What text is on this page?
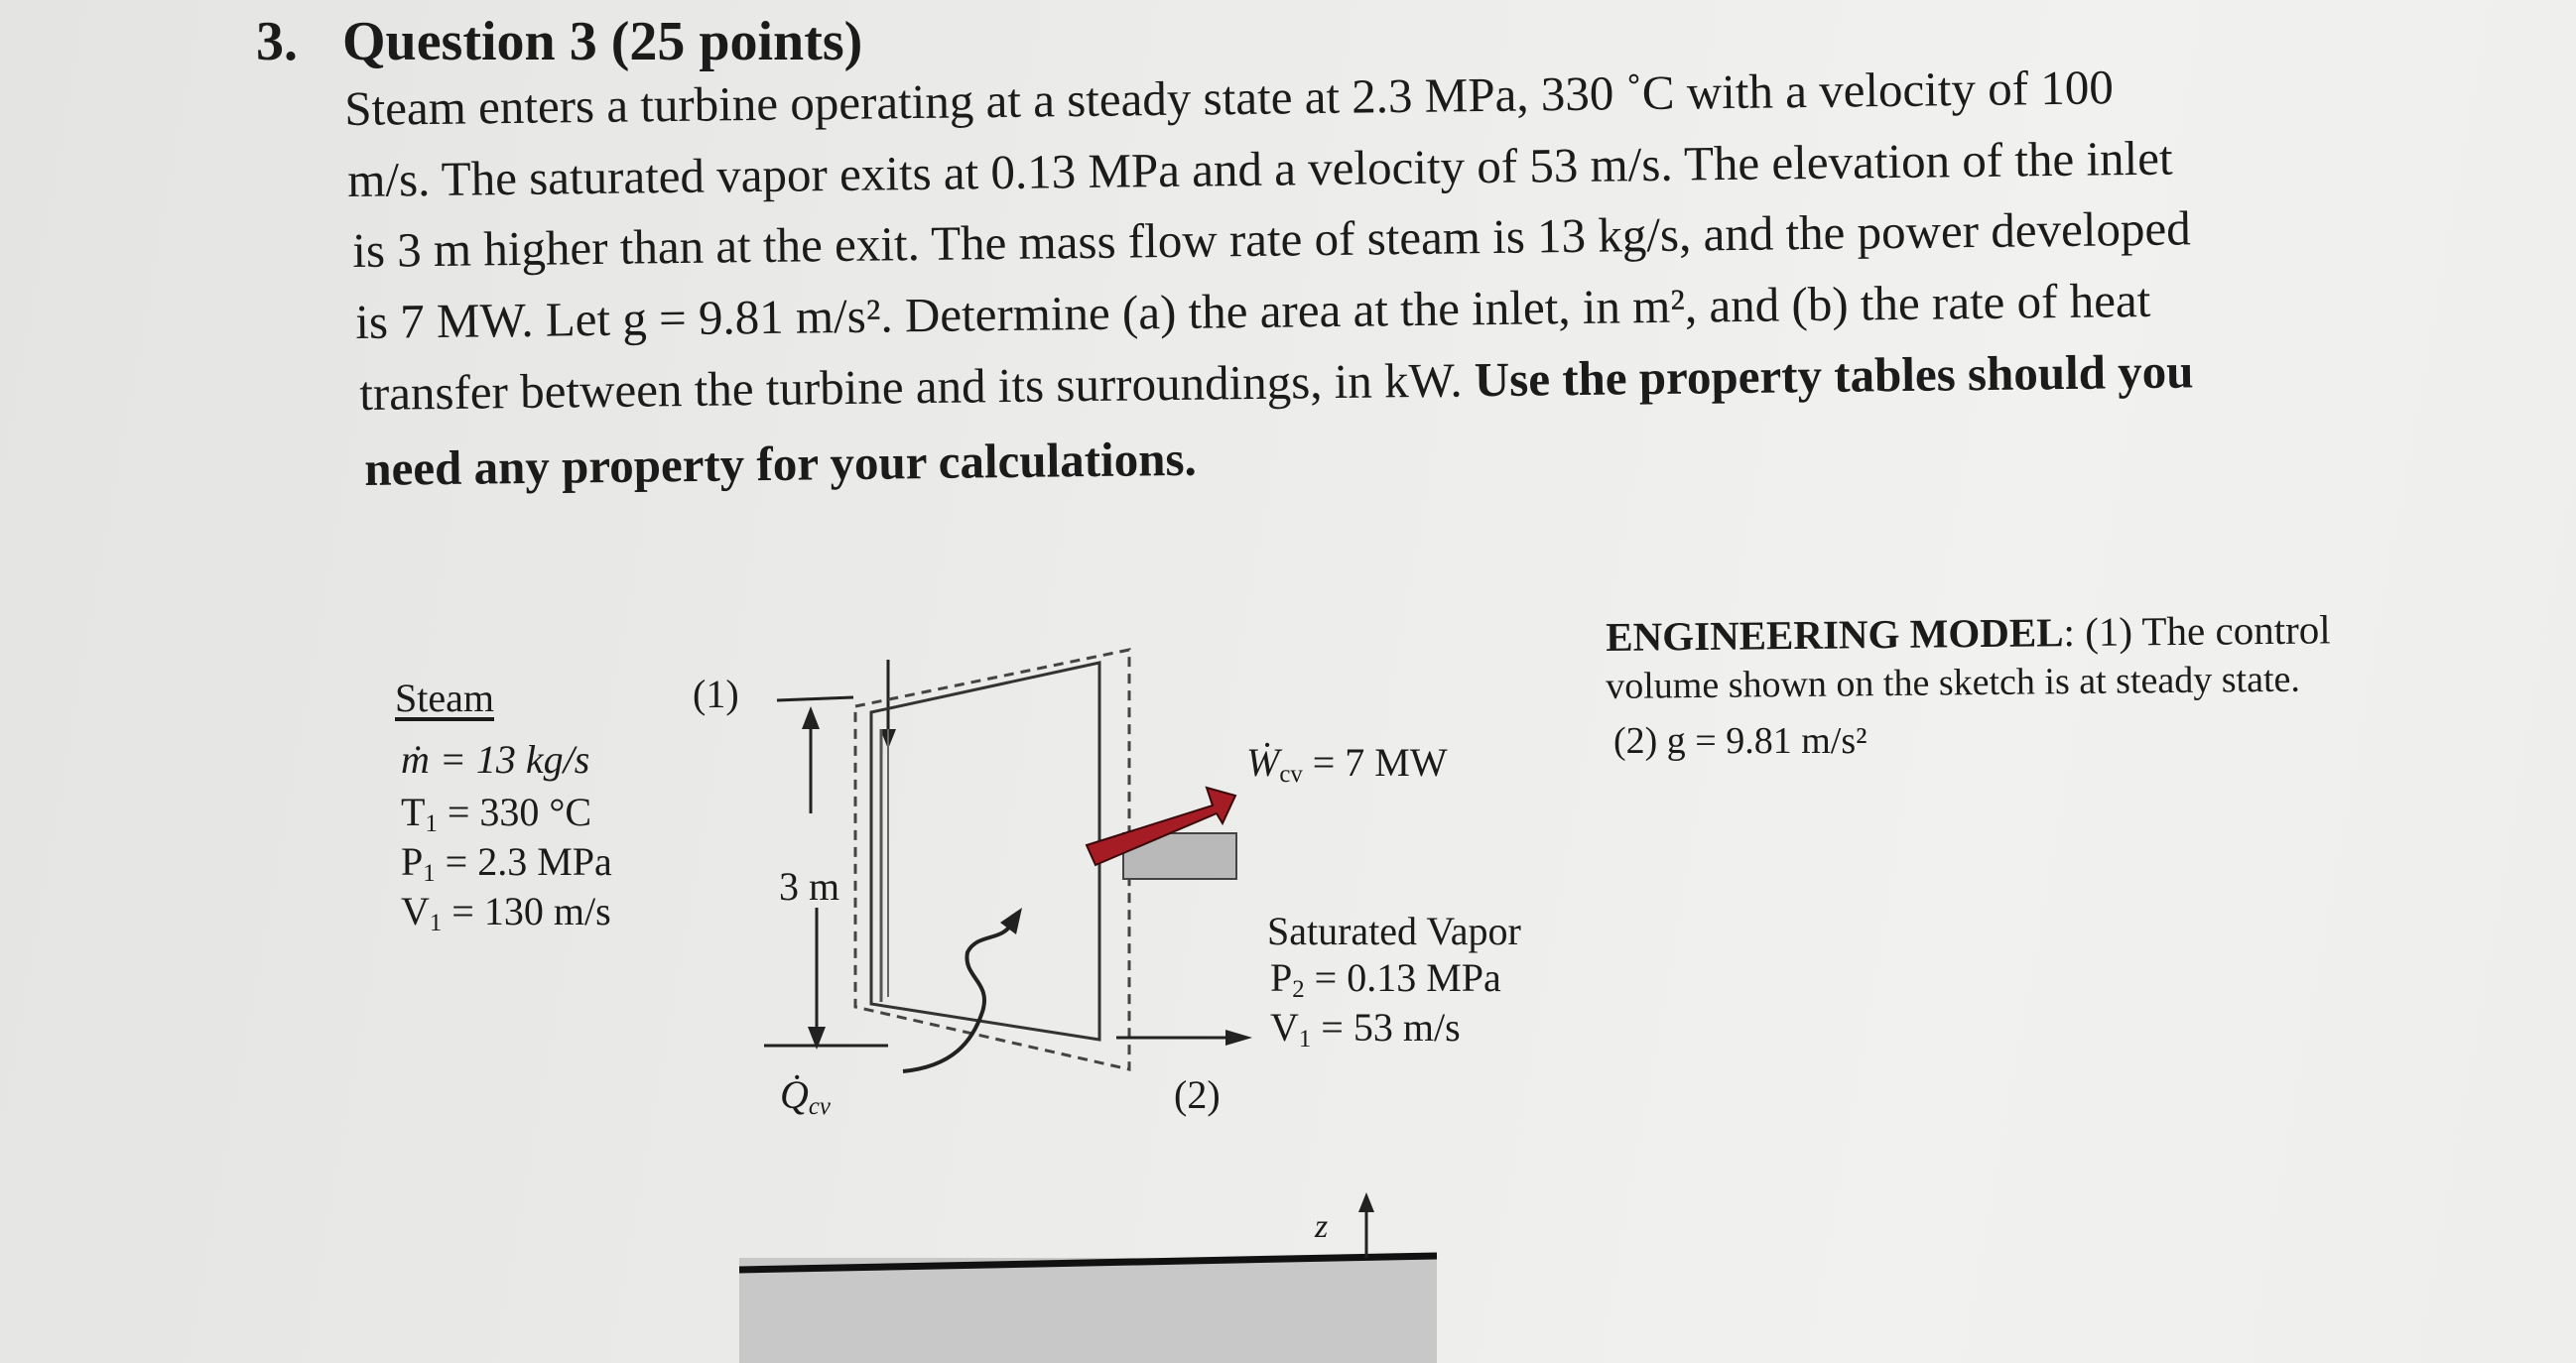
3. Question 3 (25 points)
Steam enters a turbine operating at a steady state at 2.3 MPa, 330 ˚C with a velocity of 100
m/s. The saturated vapor exits at 0.13 MPa and a velocity of 53 m/s. The elevation of the inlet
is 3 m higher than at the exit. The mass flow rate of steam is 13 kg/s, and the power developed
is 7 MW. Let g = 9.81 m/s². Determine (a) the area at the inlet, in m², and (b) the rate of heat
transfer between the turbine and its surroundings, in kW. Use the property tables should you
need any property for your calculations.
Steam
ṁ = 13 kg/s
$T_1 = 330$ °C
$P_1 = 2.3$ MPa
$V_1 = 130$ m/s
(1)
(2)
3 m
Ẇ$_{cv}$ = 7 MW
$Q̇_{cv}$
Saturated Vapor
$P_2 = 0.13$ MPa
$V_1 = 53$ m/s
z
ENGINEERING MODEL: (1) The control
volume shown on the sketch is at steady state.
(2) g = 9.81 m/s²
